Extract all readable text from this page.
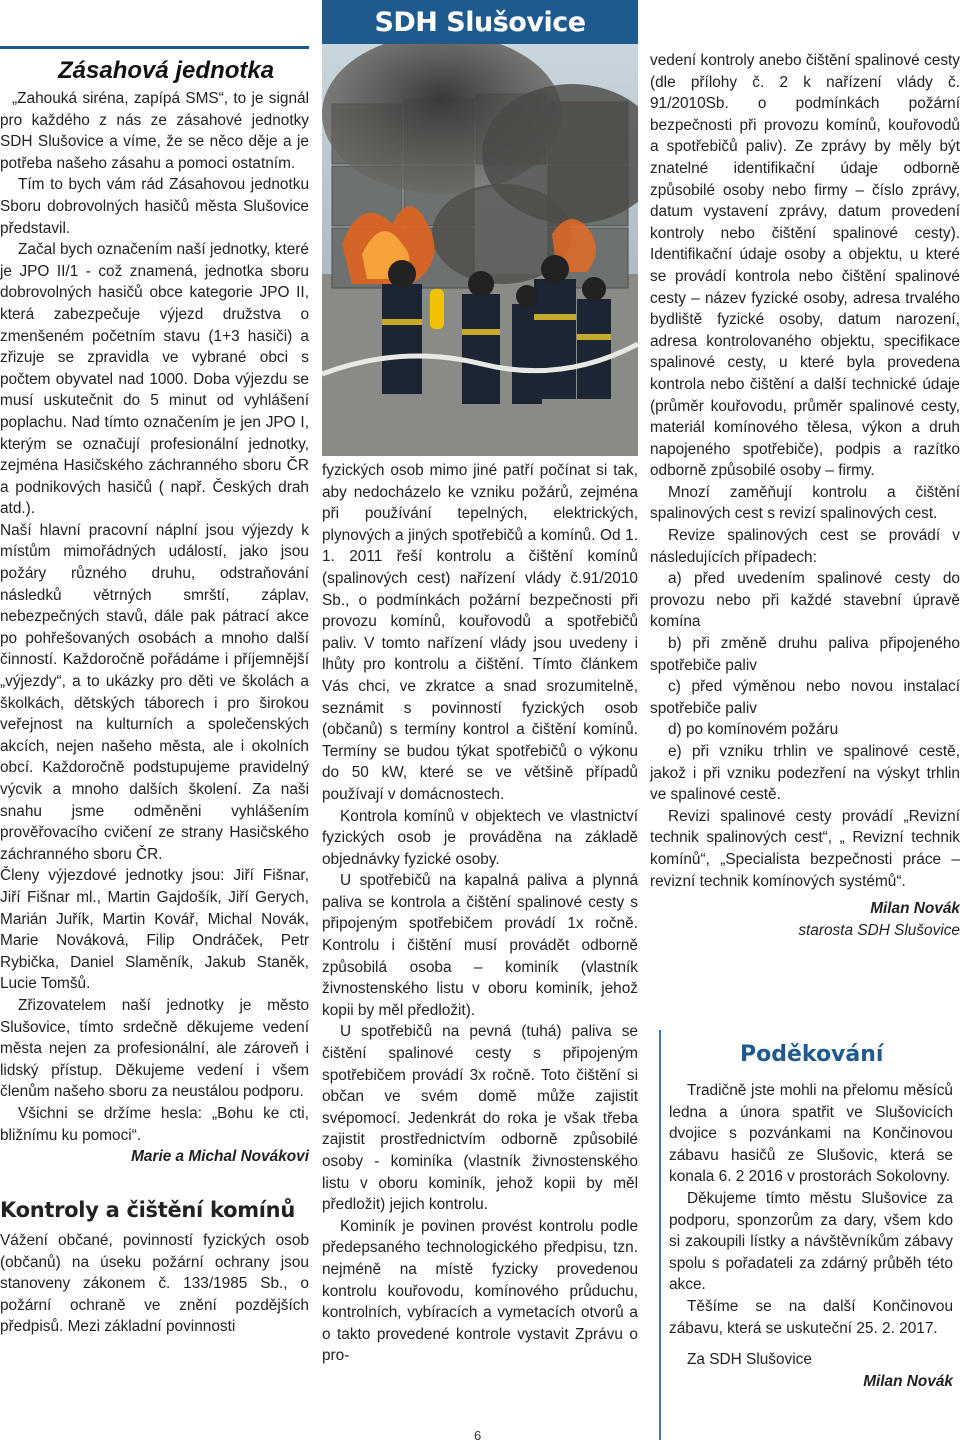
Zásahová jednotka

„Zahouká siréna, zapípá SMS“, to je signál pro každého z nás ze zásahové jednotky SDH Slušovice a víme, že se něco děje a je potřeba našeho zásahu a pomoci ostatním.

Tím to bych vám rád Zásahovou jednotku Sboru dobrovolných hasičů města Slušovice představil.

Začal bych označením naší jednotky, které je JPO II/1 - což znamená, jednotka sboru dobrovolných hasičů obce kategorie JPO II, která zabezpečuje výjezd družstva o zmenšeném početním stavu (1+3 hasiči) a zřizuje se zpravidla ve vybrané obci s počtem obyvatel nad 1000. Doba výjezdu se musí uskutečnit do 5 minut od vyhlášení poplachu. Nad tímto označením je jen JPO I, kterým se označují profesionální jednotky, zejména Hasičského záchranného sboru ČR a podnikových hasičů ( např. Českých drah atd.).

Naší hlavní pracovní náplní jsou výjezdy k místům mimořádných událostí, jako jsou požáry různého druhu, odstraňování následků větrných smrští, záplav, nebezpečných stavů, dále pak pátrací akce po pohřešovaných osobách a mnoho další činností. Každoročně pořádáme i příjemnější „výjezdy“, a to ukázky pro děti ve školách a školkách, dětských táborech i pro širokou veřejnost na kulturních a společenských akcích, nejen našeho města, ale i okolních obcí. Každoročně podstupujeme pravidelný výcvik a mnoho dalších školení. Za naši snahu jsme odměněni vyhlášením prověřovacího cvičení ze strany Hasičského záchranného sboru ČR.

Členy výjezdové jednotky jsou: Jiří Fišnar, Jiří Fišnar ml., Martin Gajdošík, Jiří Gerych, Marián Juřík, Martin Kovář, Michal Novák, Marie Nováková, Filip Ondráček, Petr Rybička, Daniel Slaměník, Jakub Staněk, Lucie Tomšů.

Zřizovatelem naší jednotky je město Slušovice, tímto srdečně děkujeme vedení města nejen za profesionální, ale zároveň i lidský přístup. Děkujeme vedení i všem členům našeho sboru za neustálou podporu.

Všichni se držíme hesla: „Bohu ke cti, bližnímu ku pomoci“.

Marie a Michal Novákovi

Kontroly a čištění komínů

Vážení občané, povinností fyzických osob (občanů) na úseku požární ochrany jsou stanoveny zákonem č. 133/1985 Sb., o požární ochraně ve znění pozdějších předpisů. Mezi základní povinnosti

SDH Slušovice

fyzických osob mimo jiné patří počínat si tak, aby nedocházelo ke vzniku požárů, zejména při používání tepelných, elektrických, plynových a jiných spotřebičů a komínů. Od 1. 1. 2011 řeší kontrolu a čištění komínů (spalinových cest) nařízení vlády č.91/2010 Sb., o podmínkách požární bezpečnosti při provozu komínů, kouřovodů a spotřebičů paliv. V tomto nařízení vlády jsou uvedeny i lhůty pro kontrolu a čištění. Tímto článkem Vás chci, ve zkratce a snad srozumitelně, seznámit s povinností fyzických osob (občanů) s termíny kontrol a čištění komínů. Termíny se budou týkat spotřebičů o výkonu do 50 kW, které se ve většině případů používají v domácnostech.

Kontrola komínů v objektech ve vlastnictví fyzických osob je prováděna na základě objednávky fyzické osoby.

U spotřebičů na kapalná paliva a plynná paliva se kontrola a čištění spalinové cesty s připojeným spotřebičem provádí 1x ročně. Kontrolu i čištění musí provádět odborně způsobilá osoba – kominík (vlastník živnostenského listu v oboru kominík, jehož kopii by měl předložit).

U spotřebičů na pevná (tuhá) paliva se čištění spalinové cesty s připojeným spotřebičem provádí 3x ročně. Toto čištění si občan ve svém domě může zajistit svépomocí. Jedenkrát do roka je však třeba zajistit prostřednictvím odborně způsobilé osoby - kominíka (vlastník živnostenského listu v oboru kominík, jehož kopii by měl předložit) jejich kontrolu.

Kominík je povinen provést kontrolu podle předepsaného technologického předpisu, tzn. nejméně na místě fyzicky provedenou kontrolu kouřovodu, komínového průduchu, kontrolních, vybíracích a vymetacích otvorů a o takto provedené kontrole vystavit Zprávu o pro-

vedení kontroly anebo čištění spalinové cesty (dle přílohy č. 2 k nařízení vlády č. 91/2010Sb. o podmínkách požární bezpečnosti při provozu komínů, kouřovodů a spotřebičů paliv). Ze zprávy by měly být znatelné identifikační údaje odborně způsobilé osoby nebo firmy – číslo zprávy, datum vystavení zprávy, datum provedení kontroly nebo čištění spalinové cesty). Identifikační údaje osoby a objektu, u které se provádí kontrola nebo čištění spalinové cesty – název fyzické osoby, adresa trvalého bydliště fyzické osoby, datum narození, adresa kontrolovaného objektu, specifikace spalinové cesty, u které byla provedena kontrola nebo čištění a další technické údaje (průměr kouřovodu, průměr spalinové cesty, materiál komínového tělesa, výkon a druh napojeného spotřebiče), podpis a razítko odborně způsobilé osoby – firmy.

Mnozí zaměňují kontrolu a čištění spalinových cest s revizí spalinových cest.

Revize spalinových cest se provádí v následujících případech:

a) před uvedením spalinové cesty do provozu nebo při každé stavební úpravě komína

b) při změně druhu paliva připojeného spotřebiče paliv

c) před výměnou nebo novou instalací spotřebiče paliv

d) po komínovém požáru

e) při vzniku trhlin ve spalinové cestě, jakož i při vzniku podezření na výskyt trhlin ve spalinové cestě.

Revizi spalinové cesty provádí „Revizní technik spalinových cest“, „ Revizní technik komínů“, „Specialista bezpečnosti práce – revizní technik komínových systémů“.

Milan Novák

starosta SDH Slušovice

Poděkování

Tradičně jste mohli na přelomu měsíců ledna a února spatřit ve Slušovicích dvojice s pozvánkami na Končinovou zábavu hasičů ze Slušovic, která se konala 6. 2 2016 v prostorách Sokolovny.

Děkujeme tímto městu Slušovice za podporu, sponzorům za dary, všem kdo si zakoupili lístky a návštěvníkům zábavy spolu s pořadateli za zdárný průběh této akce.

Těšíme se na další Končinovou zábavu, která se uskuteční 25. 2. 2017.

Za SDH Slušovice

Milan Novák

6
